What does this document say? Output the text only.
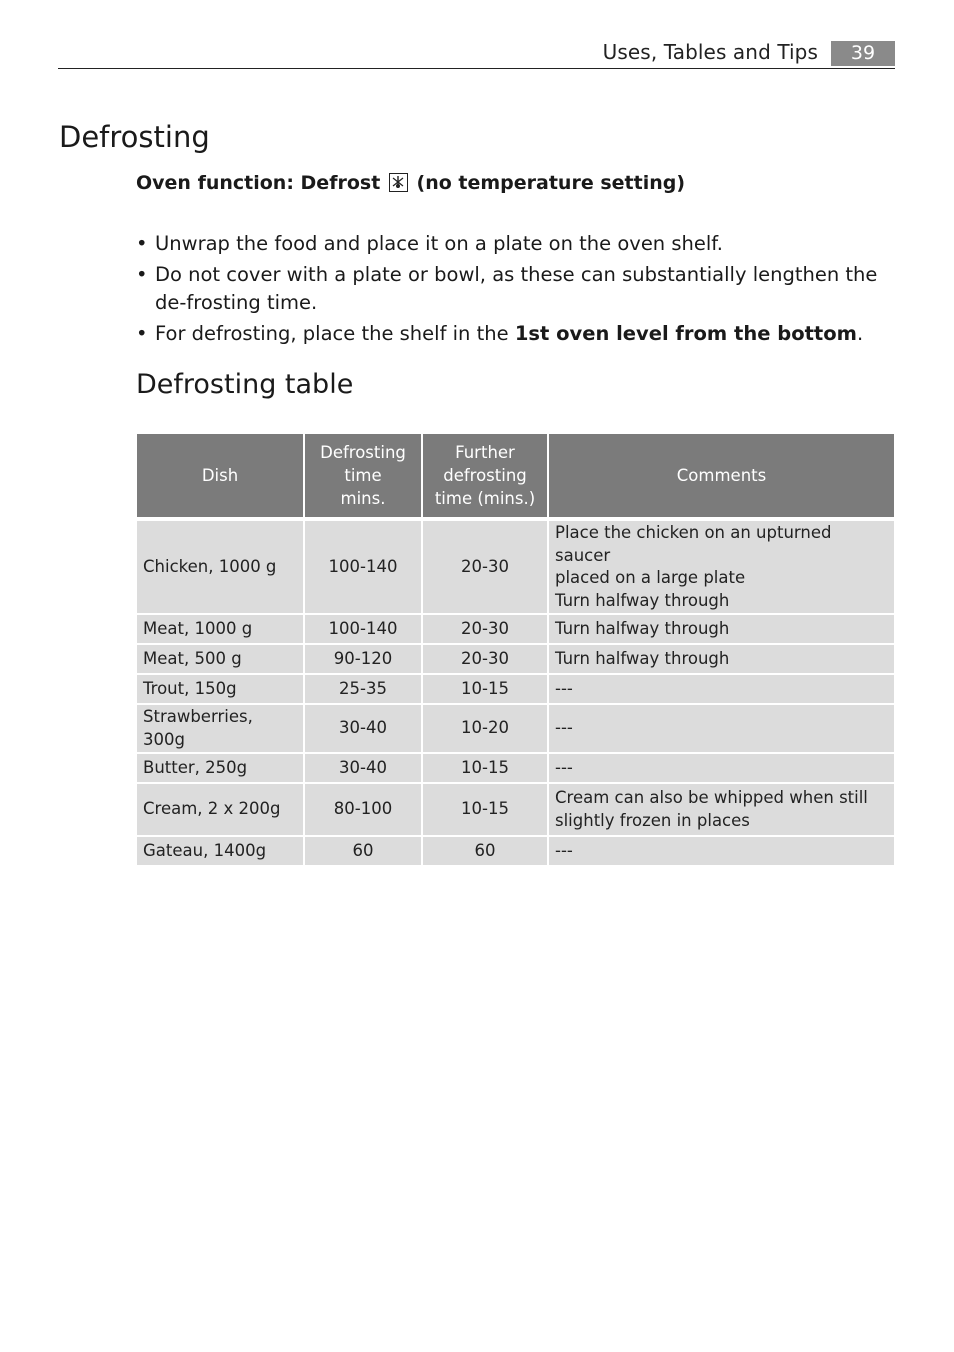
Uses, Tables and Tips	39
Defrosting
Oven function: Defrost (no temperature setting)
• Unwrap the food and place it on a plate on the oven shelf.
• Do not cover with a plate or bowl, as these can substantially lengthen the de-frosting time.
• For defrosting, place the shelf in the 1st oven level from the bottom.
Defrosting table
Dish	Defrosting
time
mins.	Further
defrosting
time (mins.)	Comments

Chicken, 1000 g	100-140	20-30	Place the chicken on an upturned saucer
placed on a large plate
Turn halfway through

Meat, 1000 g	100-140	20-30	Turn halfway through

Meat, 500 g	90-120	20-30	Turn halfway through

Trout, 150g	25-35	10-15	---

Strawberries, 300g	30-40	10-20	---

Butter, 250g	30-40	10-15	---

Cream, 2 x 200g	80-100	10-15	Cream can also be whipped when still
slightly frozen in places

Gateau, 1400g	60	60	---
